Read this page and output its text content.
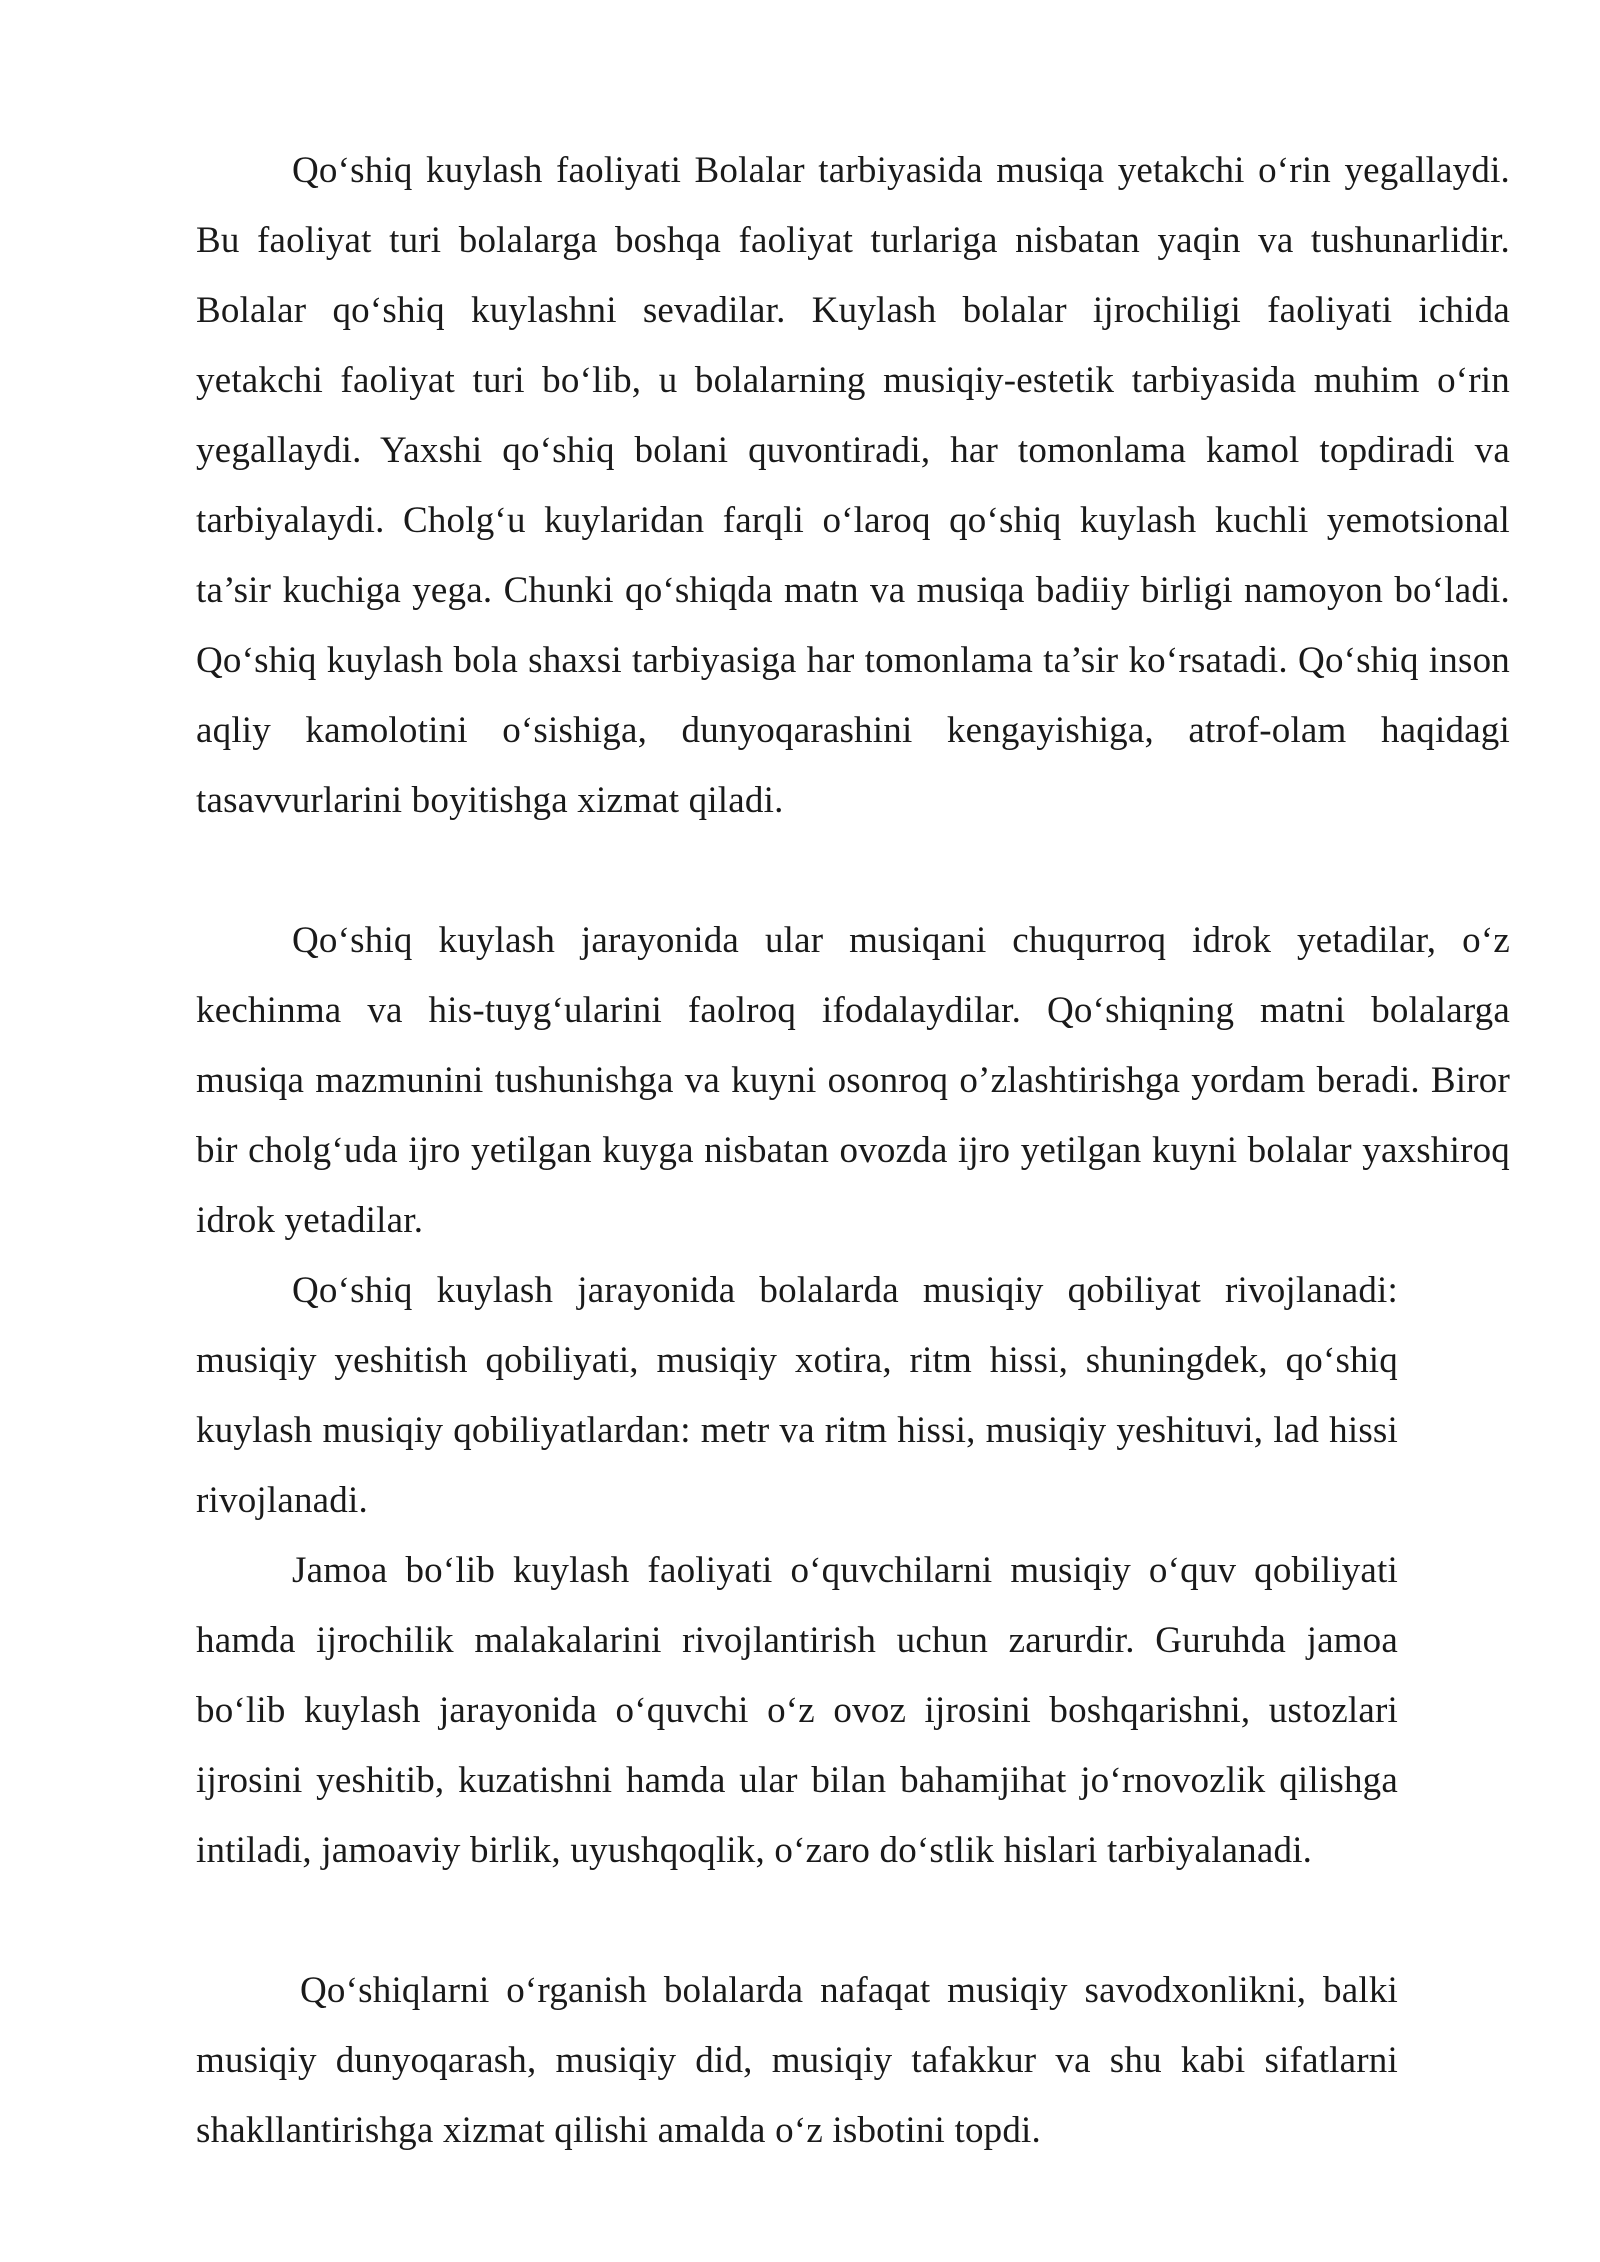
Qo‘shiq kuylash faoliyati Bolalar tarbiyasida musiqa yetakchi o‘rin yegallaydi. Bu faoliyat turi bolalarga boshqa faoliyat turlariga nisbatan yaqin va tushunarlidir. Bolalar qo‘shiq kuylashni sevadilar. Kuylash bolalar ijrochiligi faoliyati ichida yetakchi faoliyat turi bo‘lib, u bolalarning musiqiy-estetik tarbiyasida muhim o‘rin yegallaydi. Yaxshi qo‘shiq bolani quvontiradi, har tomonlama kamol topdiradi va tarbiyalaydi. Cholg‘u kuylaridan farqli o‘laroq qo‘shiq kuylash kuchli yemotsional ta’sir kuchiga yega. Chunki qo‘shiqda matn va musiqa badiiy birligi namoyon bo‘ladi. Qo‘shiq kuylash bola shaxsi tarbiyasiga har tomonlama ta’sir ko‘rsatadi. Qo‘shiq inson aqliy kamolotini o‘sishiga, dunyoqarashini kengayishiga, atrof-olam haqidagi tasavvurlarini boyitishga xizmat qiladi.

Qo‘shiq kuylash jarayonida ular musiqani chuqurroq idrok yetadilar, o‘z kechinma va his-tuyg‘ularini faolroq ifodalaydilar. Qo‘shiqning matni bolalarga musiqa mazmunini tushunishga va kuyni osonroq o’zlashtirishga yordam beradi. Biror bir cholg‘uda ijro yetilgan kuyga nisbatan ovozda ijro yetilgan kuyni bolalar yaxshiroq idrok yetadilar.

Qo‘shiq kuylash jarayonida bolalarda musiqiy qobiliyat rivojlanadi: musiqiy yeshitish qobiliyati, musiqiy xotira, ritm hissi, shuningdek, qo‘shiq kuylash musiqiy qobiliyatlardan: metr va ritm hissi, musiqiy yeshituvi, lad hissi rivojlanadi.

Jamoa bo‘lib kuylash faoliyati o‘quvchilarni musiqiy o‘quv qobiliyati hamda ijrochilik malakalarini rivojlantirish uchun zarurdir. Guruhda jamoa bo‘lib kuylash jarayonida o‘quvchi o‘z ovoz ijrosini boshqarishni, ustozlari ijrosini yeshitib, kuzatishni hamda ular bilan bahamjihat jo‘rnovozlik qilishga intiladi, jamoaviy birlik, uyushqoqlik, o‘zaro do‘stlik hislari tarbiyalanadi.

Qo‘shiqlarni o‘rganish bolalarda nafaqat musiqiy savodxonlikni, balki musiqiy dunyoqarash, musiqiy did, musiqiy tafakkur va shu kabi sifatlarni shakllantirishga xizmat qilishi amalda o‘z isbotini topdi.
